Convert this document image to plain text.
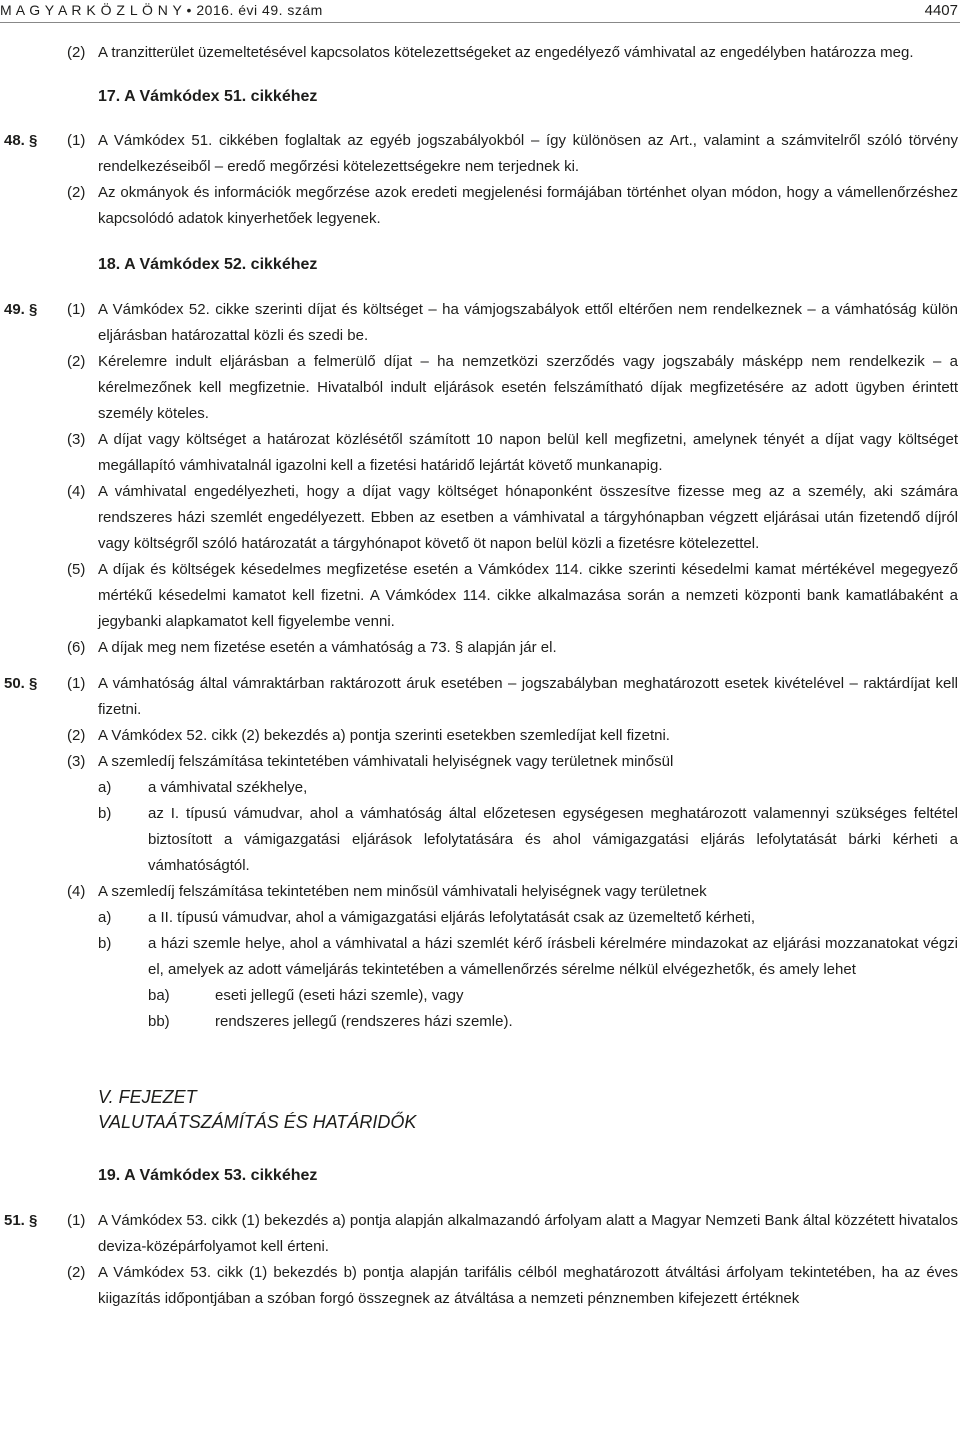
M A G Y A R K Ö Z L Ö N Y • 2016. évi 49. szám	4407
(2) A tranzitterület üzemeltetésével kapcsolatos kötelezettségeket az engedélyező vámhivatal az engedélyben határozza meg.

17. A Vámkódex 51. cikkéhez
48. § (1) A Vámkódex 51. cikkében foglaltak az egyéb jogszabályokból – így különösen az Art., valamint a számvitelről szóló törvény rendelkezéseiből – eredő megőrzési kötelezettségekre nem terjednek ki.

(2) Az okmányok és információk megőrzése azok eredeti megjelenési formájában történhet olyan módon, hogy a vámellenőrzéshez kapcsolódó adatok kinyerhetőek legyenek.

18. A Vámkódex 52. cikkéhez
49. § (1) A Vámkódex 52. cikke szerinti díjat és költséget – ha vámjogszabályok ettől eltérően nem rendelkeznek – a vámhatóság külön eljárásban határozattal közli és szedi be.

(2) Kérelemre indult eljárásban a felmerülő díjat – ha nemzetközi szerződés vagy jogszabály másképp nem rendelkezik – a kérelmezőnek kell megfizetnie. Hivatalból indult eljárások esetén felszámítható díjak megfizetésére az adott ügyben érintett személy köteles.

(3) A díjat vagy költséget a határozat közlésétől számított 10 napon belül kell megfizetni, amelynek tényét a díjat vagy költséget megállapító vámhivatalnál igazolni kell a fizetési határidő lejártát követő munkanapig.

(4) A vámhivatal engedélyezheti, hogy a díjat vagy költséget hónaponként összesítve fizesse meg az a személy, aki számára rendszeres házi szemlét engedélyezett. Ebben az esetben a vámhivatal a tárgyhónapban végzett eljárásai után fizetendő díjról vagy költségről szóló határozatát a tárgyhónapot követő öt napon belül közli a fizetésre kötelezettel.

(5) A díjak és költségek késedelmes megfizetése esetén a Vámkódex 114. cikke szerinti késedelmi kamat mértékével megegyező mértékű késedelmi kamatot kell fizetni. A Vámkódex 114. cikke alkalmazása során a nemzeti központi bank kamatlábaként a jegybanki alapkamatot kell figyelembe venni.

(6) A díjak meg nem fizetése esetén a vámhatóság a 73. § alapján jár el.

50. § (1) A vámhatóság által vámraktárban raktározott áruk esetében – jogszabályban meghatározott esetek kivételével – raktárdíjat kell fizetni.

(2) A Vámkódex 52. cikk (2) bekezdés a) pontja szerinti esetekben szemledíjat kell fizetni.

(3) A szemledíj felszámítása tekintetében vámhivatali helyiségnek vagy területnek minősül

a) a vámhivatal székhelye,

b) az I. típusú vámudvar, ahol a vámhatóság által előzetesen egységesen meghatározott valamennyi szükséges feltétel biztosított a vámigazgatási eljárások lefolytatására és ahol vámigazgatási eljárás lefolytatását bárki kérheti a vámhatóságtól.

(4) A szemledíj felszámítása tekintetében nem minősül vámhivatali helyiségnek vagy területnek

a) a II. típusú vámudvar, ahol a vámigazgatási eljárás lefolytatását csak az üzemeltető kérheti,

b) a házi szemle helye, ahol a vámhivatal a házi szemlét kérő írásbeli kérelmére mindazokat az eljárási mozzanatokat végzi el, amelyek az adott vámeljárás tekintetében a vámellenőrzés sérelme nélkül elvégezhetők, és amely lehet

ba)	eseti jellegű (eseti házi szemle), vagy

bb)	rendszeres jellegű (rendszeres házi szemle).

V. FEJEZET
VALUTAÁTSZÁMÍTÁS ÉS HATÁRIDŐK
19. A Vámkódex 53. cikkéhez
51. § (1) A Vámkódex 53. cikk (1) bekezdés a) pontja alapján alkalmazandó árfolyam alatt a Magyar Nemzeti Bank által közzétett hivatalos deviza-középárfolyamot kell érteni.

(2) A Vámkódex 53. cikk (1) bekezdés b) pontja alapján tarifális célból meghatározott átváltási árfolyam tekintetében, ha az éves kiigazítás időpontjában a szóban forgó összegnek az átváltása a nemzeti pénznemben kifejezett értéknek
